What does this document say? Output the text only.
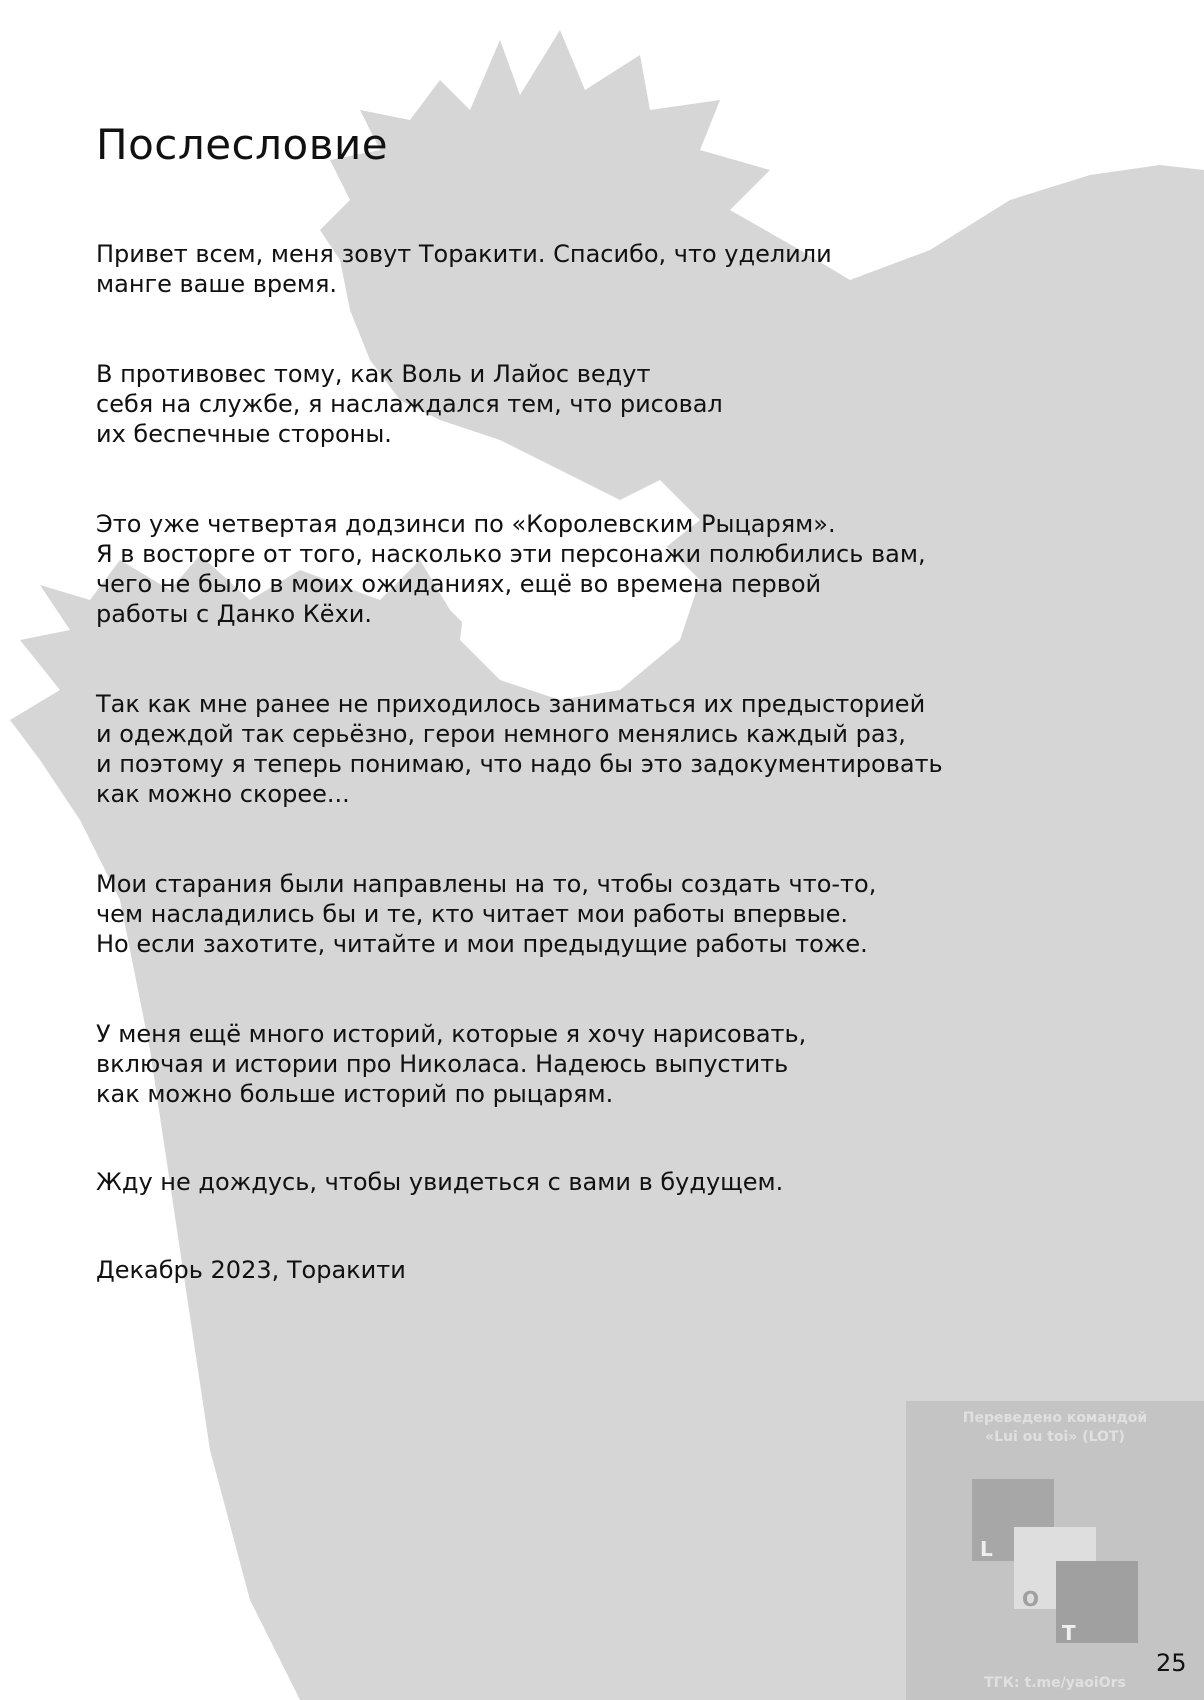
Послесловие

Привет всем, меня зовут Торакити. Спасибо, что уделили
манге ваше время.

В противовес тому, как Воль и Лайос ведут
себя на службе, я наслаждался тем, что рисовал
их беспечные стороны.

Это уже четвертая додзинси по «Королевским Рыцарям».
Я в восторге от того, насколько эти персонажи полюбились вам,
чего не было в моих ожиданиях, ещё во времена первой
работы с Данко Кёхи.

Так как мне ранее не приходилось заниматься их предысторией
и одеждой так серьёзно, герои немного менялись каждый раз,
и поэтому я теперь понимаю, что надо бы это задокументировать
как можно скорее...

Мои старания были направлены на то, чтобы создать что-то,
чем насладились бы и те, кто читает мои работы впервые.
Но если захотите, читайте и мои предыдущие работы тоже.

У меня ещё много историй, которые я хочу нарисовать,
включая и истории про Николаса. Надеюсь выпустить
как можно больше историй по рыцарям.

Жду не дождусь, чтобы увидеться с вами в будущем.

Декабрь 2023, Торакити

Переведено командой
«Lui ou toi» (LOT)
L
O
T
ТГК: t.me/yaoiOrs
25
